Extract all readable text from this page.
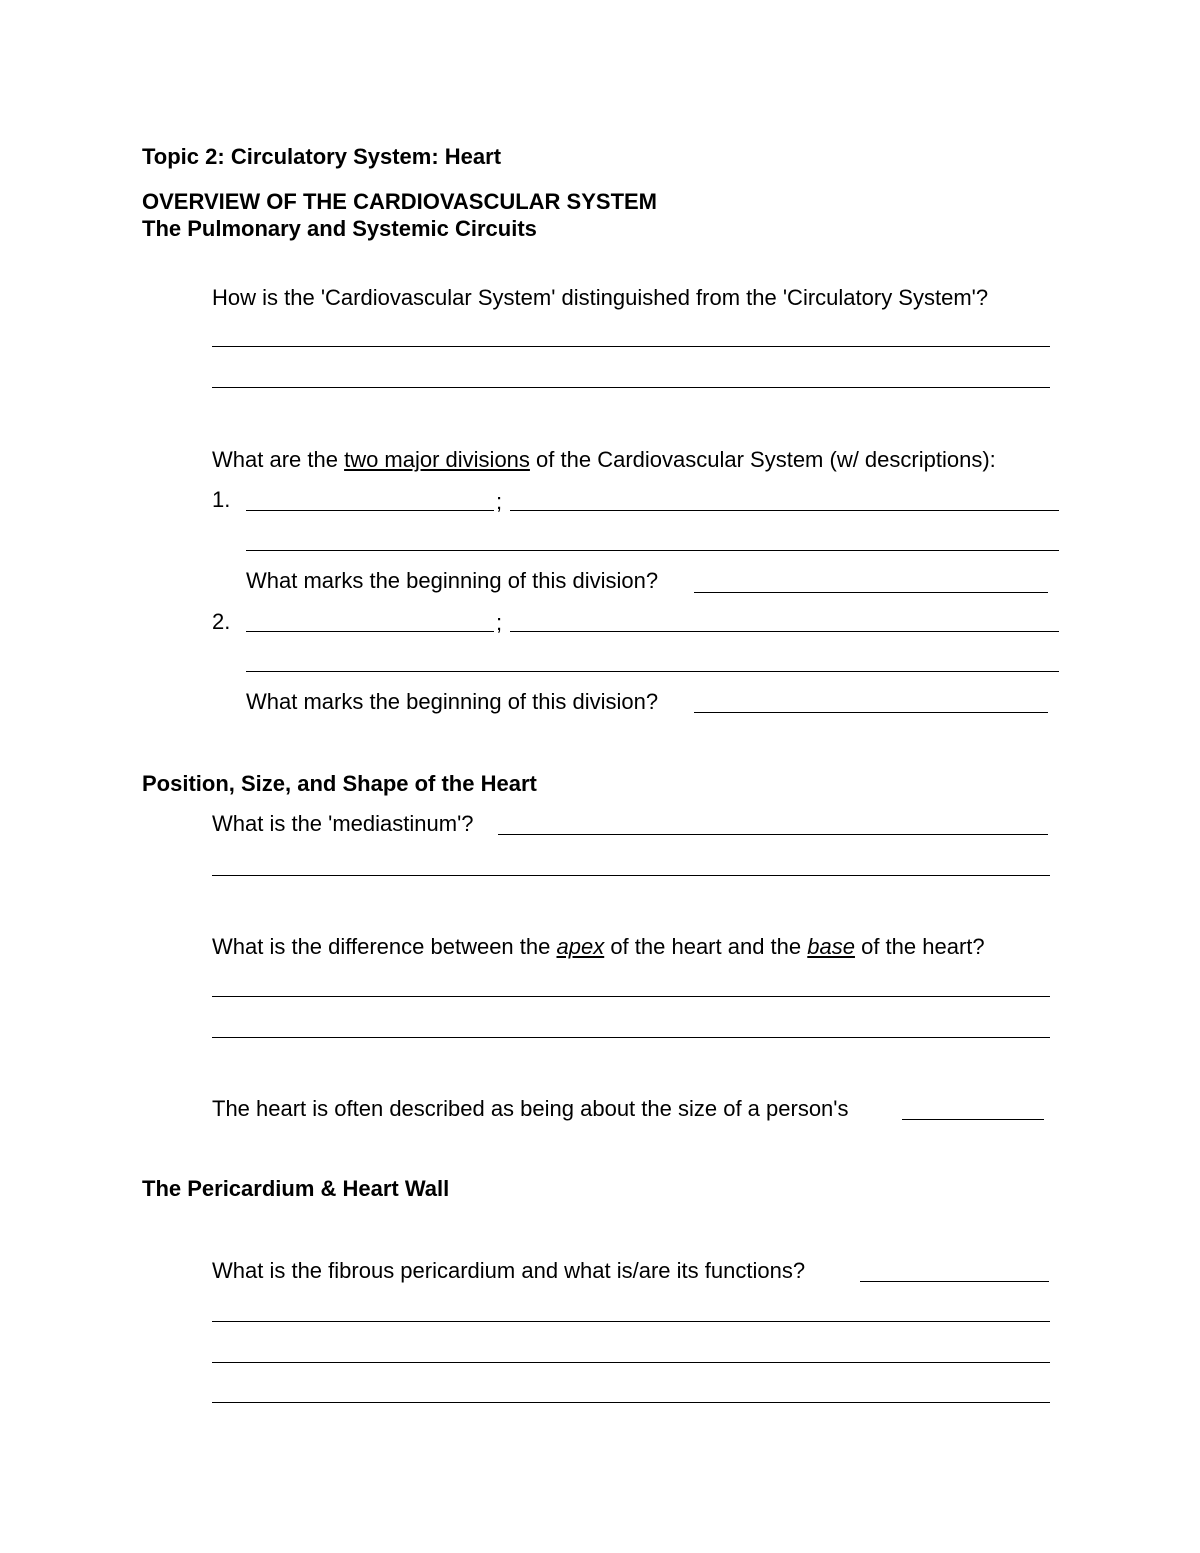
Topic 2: Circulatory System: Heart
OVERVIEW OF THE CARDIOVASCULAR SYSTEM
The Pulmonary and Systemic Circuits
How is the 'Cardiovascular System' distinguished from the 'Circulatory System'?
What are the two major divisions of the Cardiovascular System (w/ descriptions):
1.	;
What marks the beginning of this division?
2.	;
What marks the beginning of this division?
Position, Size, and Shape of the Heart
What is the 'mediastinum'?
What is the difference between the apex of the heart and the base of the heart?
The heart is often described as being about the size of a person's
The Pericardium & Heart Wall
What is the fibrous pericardium and what is/are its functions?
